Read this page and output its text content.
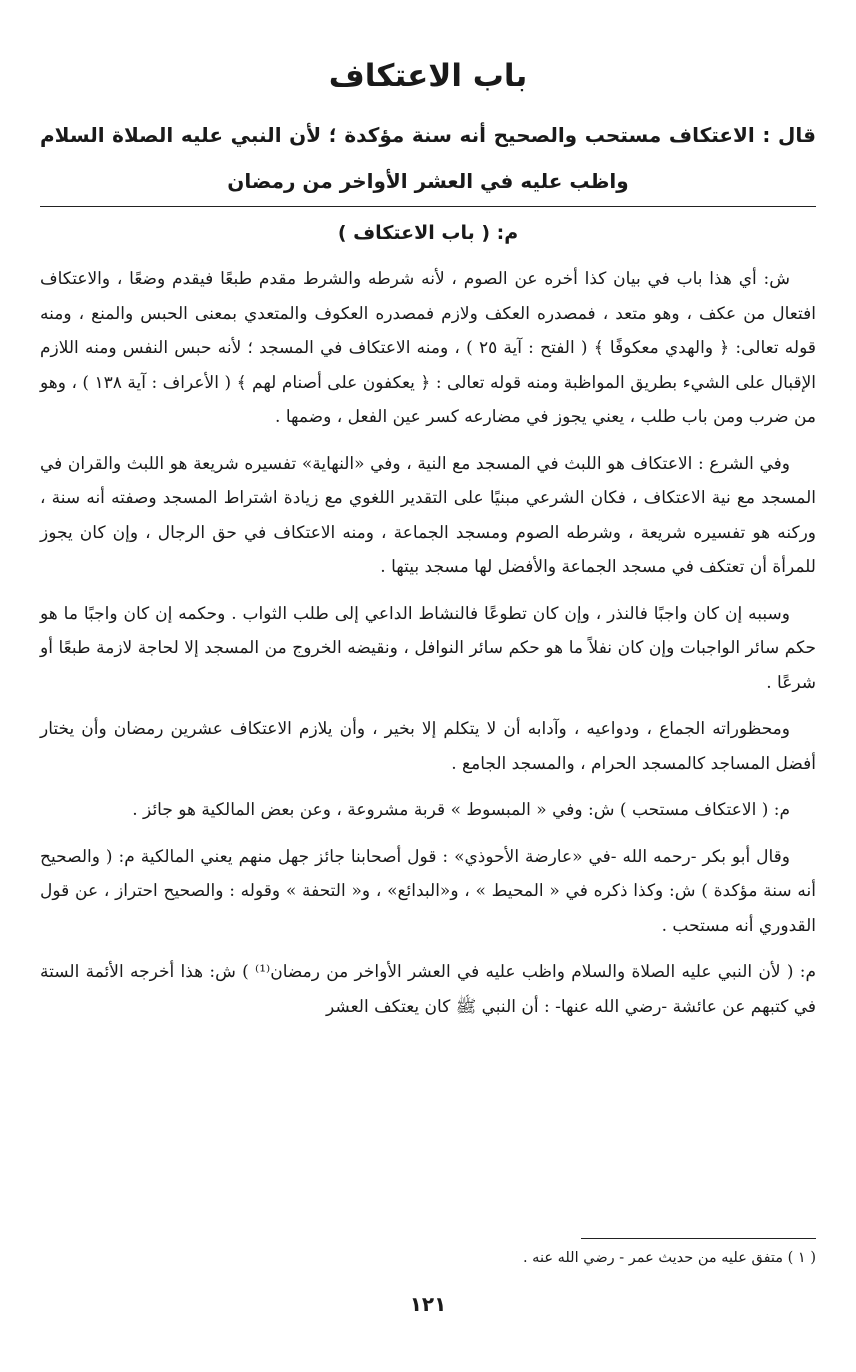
باب الاعتكاف
قال : الاعتكاف مستحب والصحيح أنه سنة مؤكدة ؛ لأن النبي عليه الصلاة السلام واظب عليه في العشر الأواخر من رمضان
م: ( باب الاعتكاف )

ش: أي هذا باب في بيان كذا أخره عن الصوم ، لأنه شرطه والشرط مقدم طبعًا فيقدم وضعًا ، والاعتكاف افتعال من عكف ، وهو متعد ، فمصدره العكف ولازم فمصدره العكوف والمتعدي بمعنى الحبس والمنع ، ومنه قوله تعالى: ﴿ والهدي معكوفًا ﴾ ( الفتح : آية ٢٥ ) ، ومنه الاعتكاف في المسجد ؛ لأنه حبس النفس ومنه اللازم الإقبال على الشيء بطريق المواظبة ومنه قوله تعالى : ﴿ يعكفون على أصنام لهم ﴾ ( الأعراف : آية ١٣٨ ) ، وهو من ضرب ومن باب طلب ، يعني يجوز في مضارعه كسر عين الفعل ، وضمها .

وفي الشرع : الاعتكاف هو اللبث في المسجد مع النية ، وفي «النهاية» تفسيره شريعة هو اللبث والقران في المسجد مع نية الاعتكاف ، فكان الشرعي مبنيًا على التقدير اللغوي مع زيادة اشتراط المسجد وصفته أنه سنة ، وركنه هو تفسيره شريعة ، وشرطه الصوم ومسجد الجماعة ، ومنه الاعتكاف في حق الرجال ، وإن كان يجوز للمرأة أن تعتكف في مسجد الجماعة والأفضل لها مسجد بيتها .

وسببه إن كان واجبًا فالنذر ، وإن كان تطوعًا فالنشاط الداعي إلى طلب الثواب . وحكمه إن كان واجبًا ما هو حكم سائر الواجبات وإن كان نفلاً ما هو حكم سائر النوافل ، ونقيضه الخروج من المسجد إلا لحاجة لازمة طبعًا أو شرعًا .

ومحظوراته الجماع ، ودواعيه ، وآدابه أن لا يتكلم إلا بخير ، وأن يلازم الاعتكاف عشرين رمضان وأن يختار أفضل المساجد كالمسجد الحرام ، والمسجد الجامع .

م: ( الاعتكاف مستحب ) ش: وفي « المبسوط » قربة مشروعة ، وعن بعض المالكية هو جائز .

وقال أبو بكر -رحمه الله -في «عارضة الأحوذي» : قول أصحابنا جائز جهل منهم يعني المالكية م: ( والصحيح أنه سنة مؤكدة ) ش: وكذا ذكره في « المحيط » ، و«البدائع» ، و« التحفة » وقوله : والصحيح احتراز ، عن قول القدوري أنه مستحب .

م: ( لأن النبي عليه الصلاة والسلام واظب عليه في العشر الأواخر من رمضان⁽¹⁾ ) ش: هذا أخرجه الأئمة الستة في كتبهم عن عائشة -رضي الله عنها- : أن النبي ﷺ كان يعتكف العشر

( ١ ) متفق عليه من حديث عمر - رضي الله عنه .
١٢١
